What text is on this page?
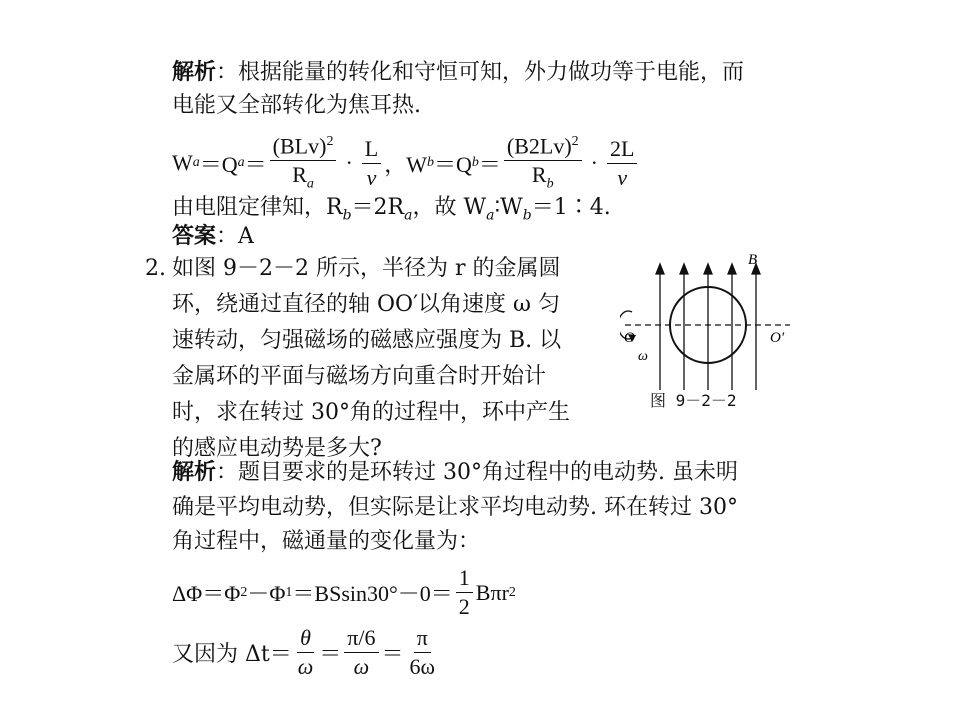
解析：根据能量的转化和守恒可知，外力做功等于电能，而
电能又全部转化为焦耳热.
W a ＝Q $a = \frac{(BLv)^2}{R_a} \cdot \frac{L}{v}$ ，W b ＝Q $b = \frac{(B2Lv)^2}{R_b} \cdot \frac{2L}{v}$
由电阻定律知，$R_b=2R_a$，故 $W_a∶W_b=1∶4$.
答案：A
2. 如图 9－2－2 所示，半径为 r 的金属圆
环，绕通过直径的轴 OO′以角速度 ω 匀
速转动，匀强磁场的磁感应强度为 B. 以
金属环的平面与磁场方向重合时开始计
时，求在转过 30°角的过程中，环中产生
的感应电动势是多大?
B
O	O′
ω
图 9－2－2
解析：题目要求的是环转过 30°角过程中的电动势. 虽未明
确是平均电动势，但实际是让求平均电动势. 环在转过 30°
角过程中，磁通量的变化量为：
ΔΦ＝Φ 2 －Φ $1 =BSsin30^\circ-0= \frac{1}{2}$ Bπr 2
又因为 $\Delta t= \frac{\theta}{\omega} = \frac{\pi/6}{\omega} = \frac{\pi}{6\omega}$
